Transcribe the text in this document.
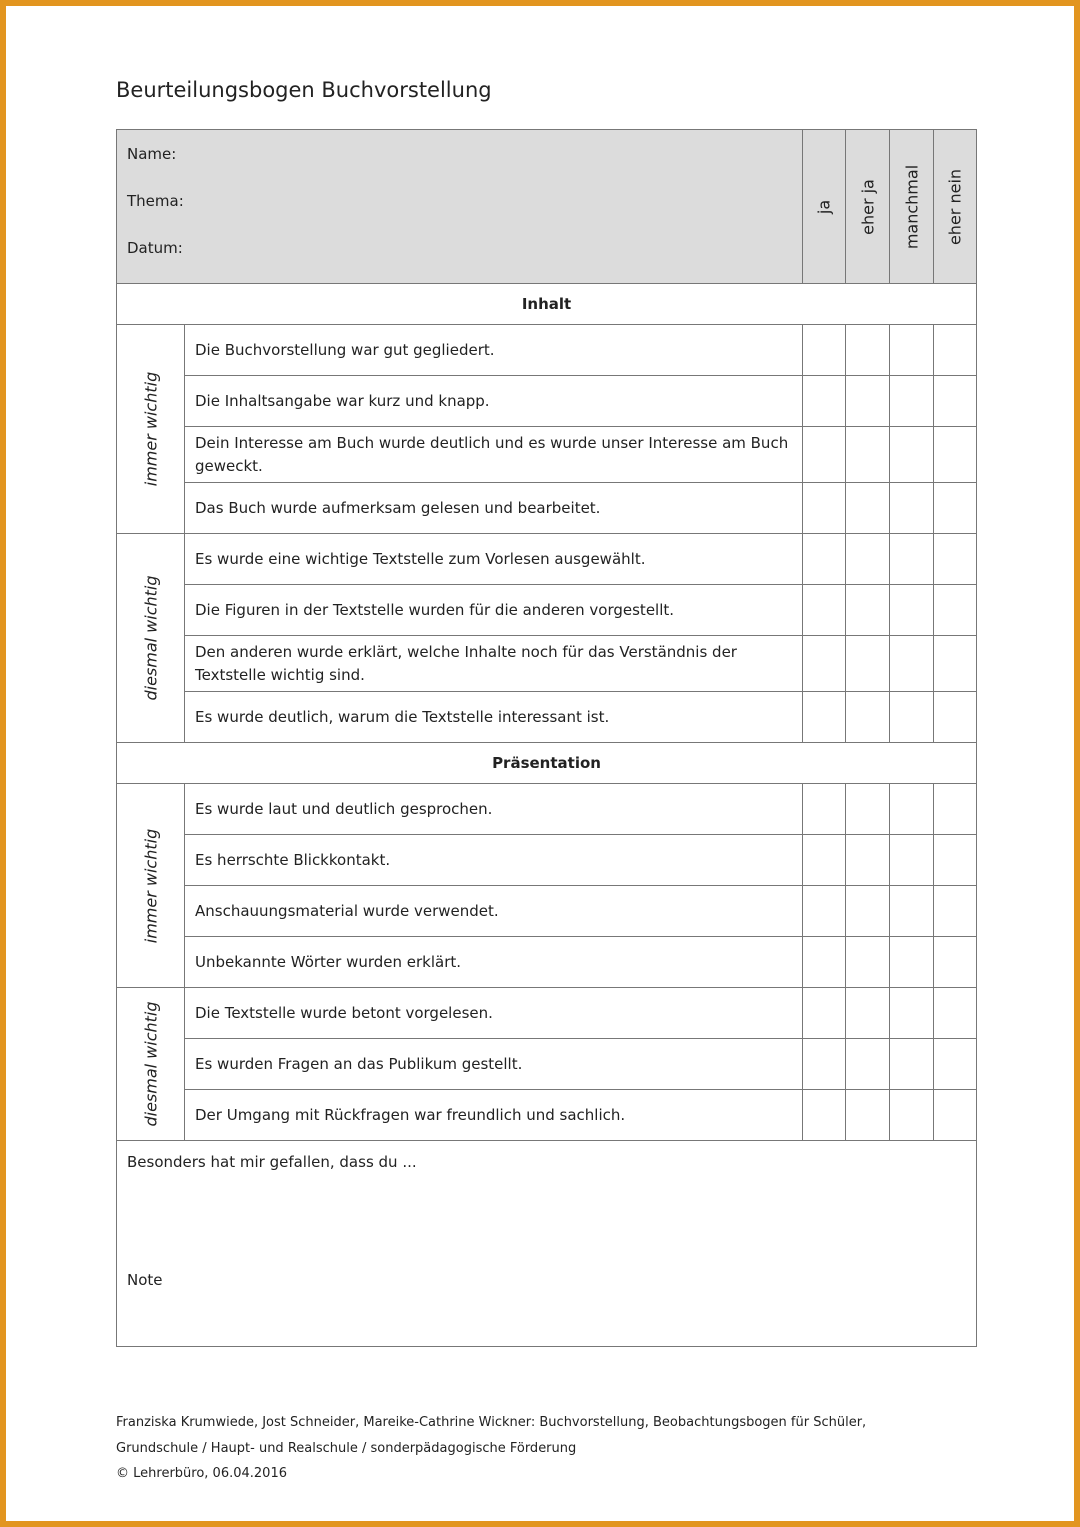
Beurteilungsbogen Buchvorstellung
Name:
Thema:
Datum:		ja	eher ja	manchmal	eher nein

Inhalt					

immer wichtig	Die Buchvorstellung war gut gegliedert.				
	Die Inhaltsangabe war kurz und knapp.				
	Dein Interesse am Buch wurde deutlich und es wurde unser Interesse am Buch geweckt.				
	Das Buch wurde aufmerksam gelesen und bearbeitet.				

diesmal wichtig	Es wurde eine wichtige Textstelle zum Vorlesen ausgewählt.				
	Die Figuren in der Textstelle wurden für die anderen vorgestellt.				
	Den anderen wurde erklärt, welche Inhalte noch für das Verständnis der Textstelle wichtig sind.				
	Es wurde deutlich, warum die Textstelle interessant ist.				
Präsentation					

immer wichtig	Es wurde laut und deutlich gesprochen.				
	Es herrschte Blickkontakt.				
	Anschauungsmaterial wurde verwendet.				
	Unbekannte Wörter wurden erklärt.				

diesmal wichtig	Die Textstelle wurde betont vorgelesen.				
	Es wurden Fragen an das Publikum gestellt.				
	Der Umgang mit Rückfragen war freundlich und sachlich.				

Besonders hat mir gefallen, dass du ...
Note					
Franziska Krumwiede, Jost Schneider, Mareike-Cathrine Wickner: Buchvorstellung, Beobachtungsbogen für Schüler,
Grundschule / Haupt- und Realschule / sonderpädagogische Förderung
© Lehrerbüro, 06.04.2016
